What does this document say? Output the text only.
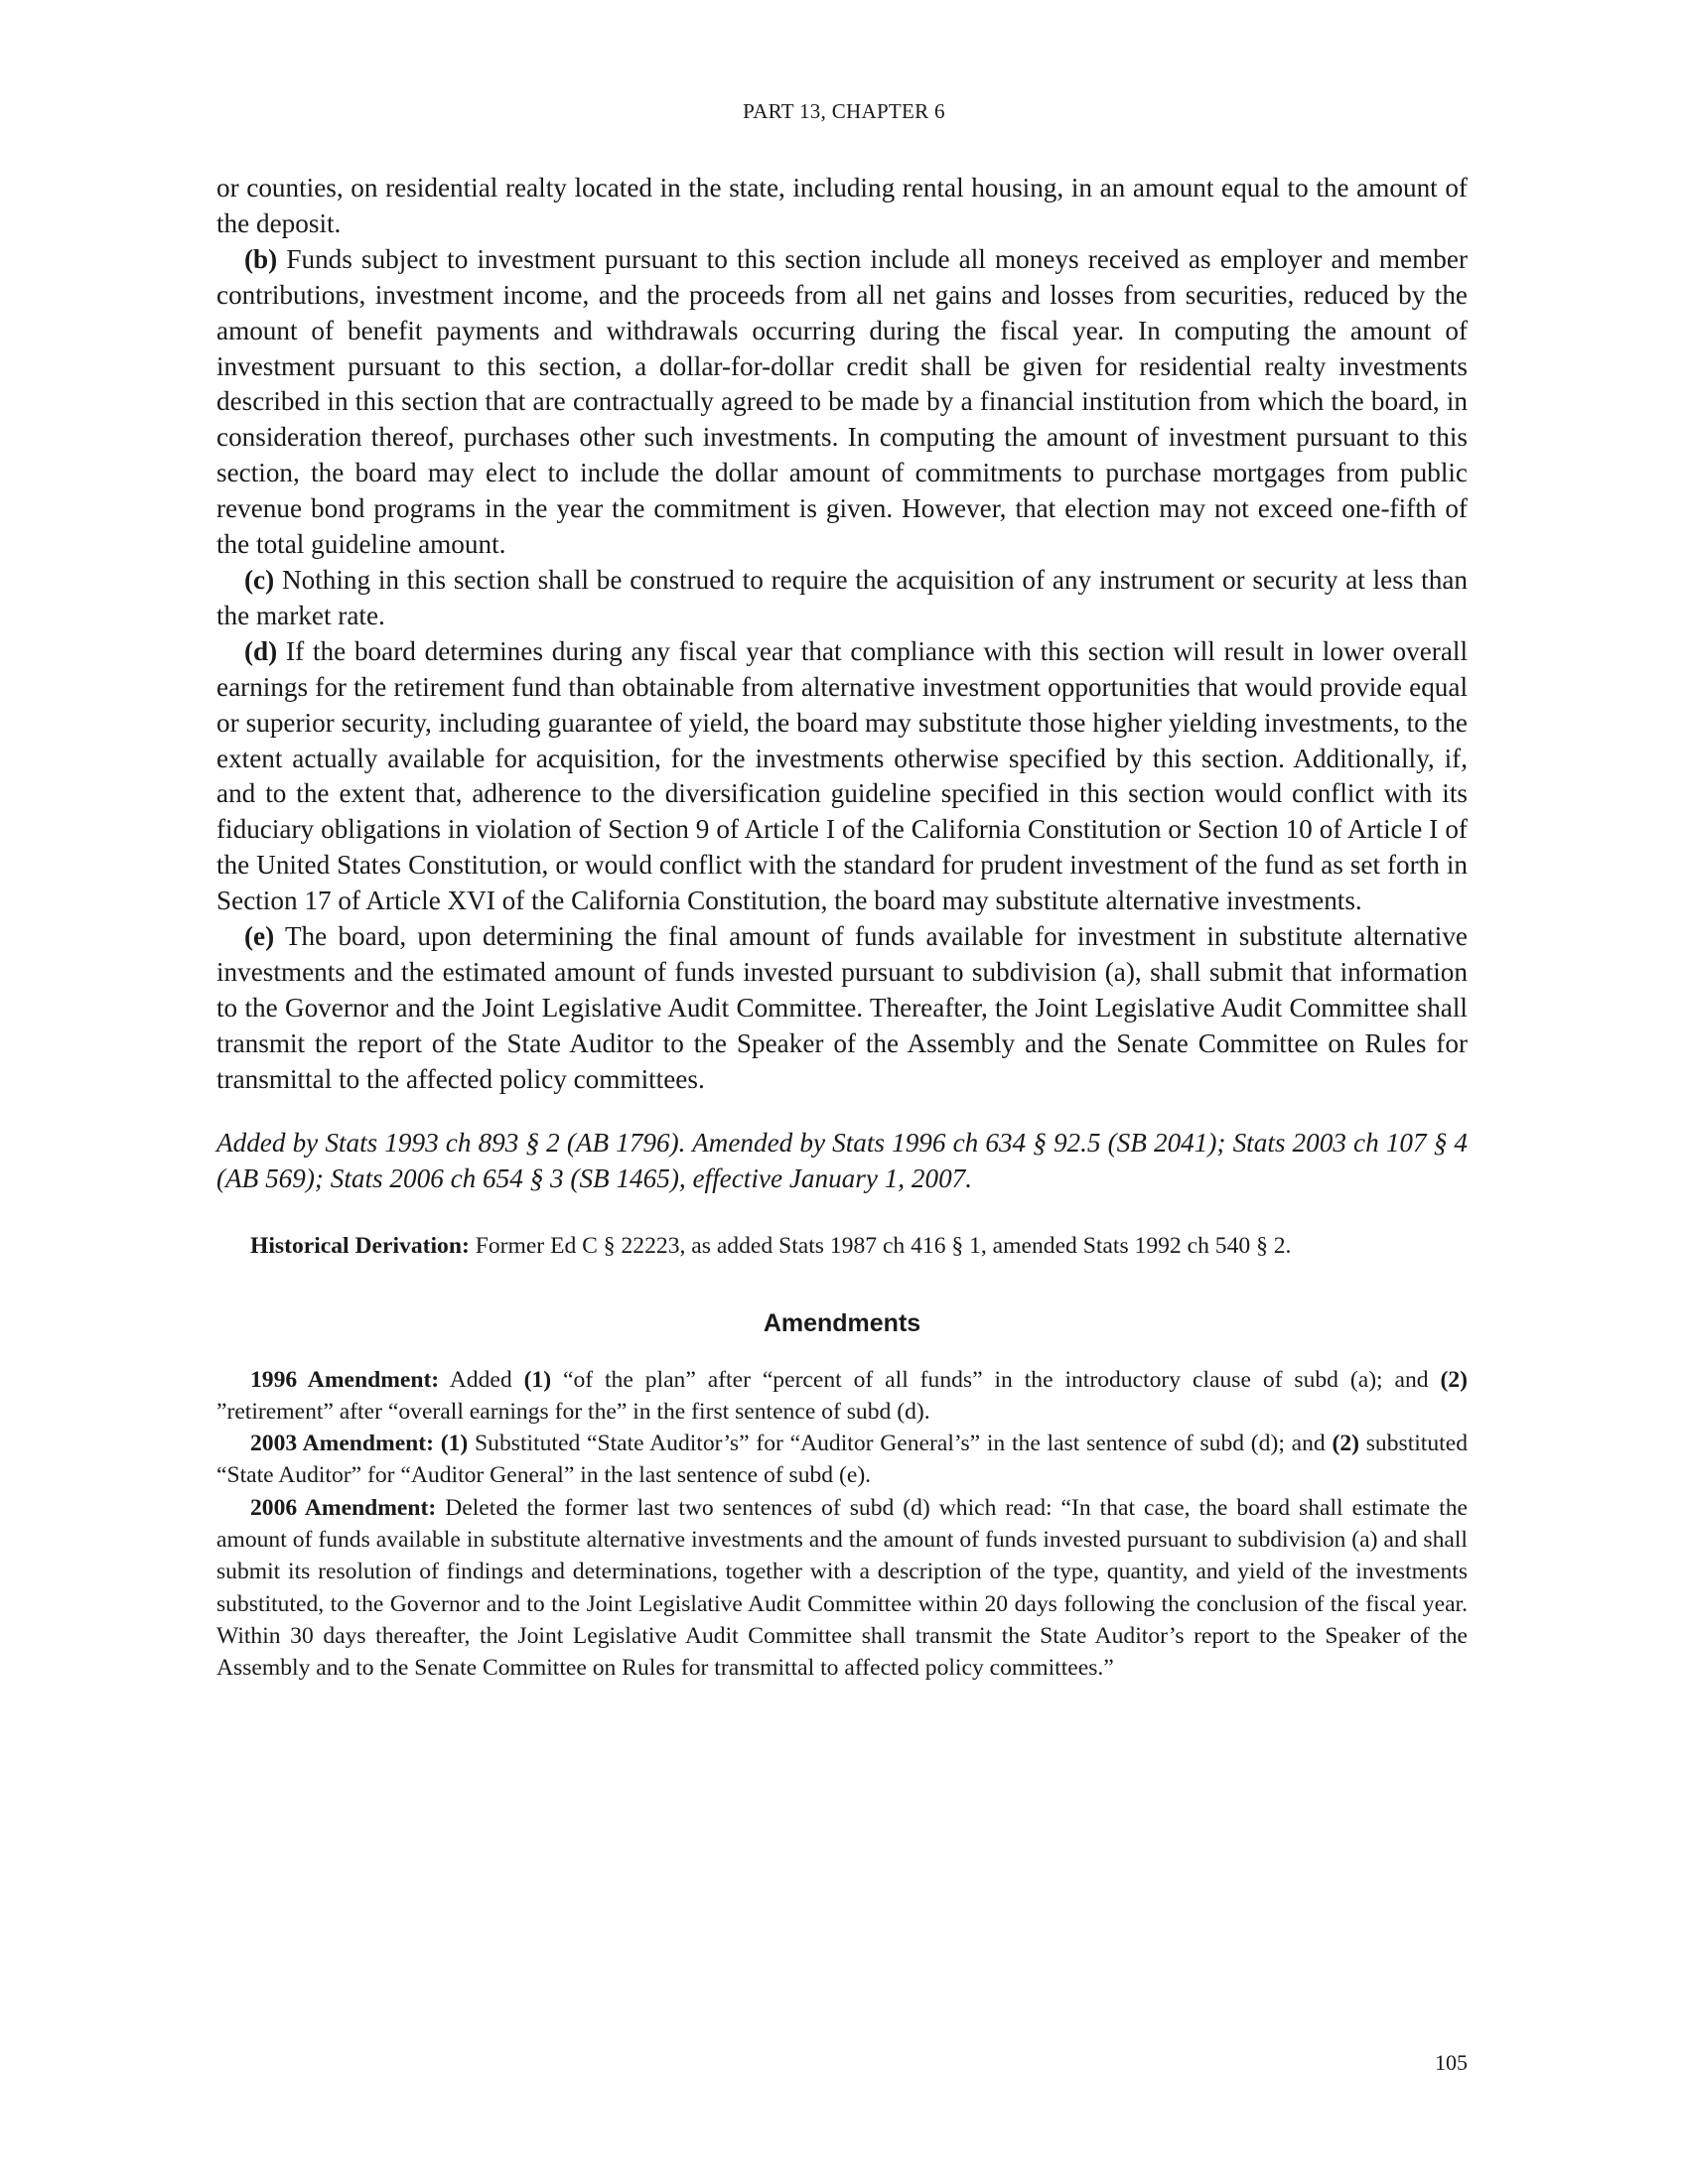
PART 13, CHAPTER 6

or counties, on residential realty located in the state, including rental housing, in an amount equal to the amount of the deposit.

(b) Funds subject to investment pursuant to this section include all moneys received as employer and member contributions, investment income, and the proceeds from all net gains and losses from securities, reduced by the amount of benefit payments and withdrawals occurring during the fiscal year. In computing the amount of investment pursuant to this section, a dollar-for-dollar credit shall be given for residential realty investments described in this section that are contractually agreed to be made by a financial institution from which the board, in consideration thereof, purchases other such investments. In computing the amount of investment pursuant to this section, the board may elect to include the dollar amount of commitments to purchase mortgages from public revenue bond programs in the year the commitment is given. However, that election may not exceed one-fifth of the total guideline amount.

(c) Nothing in this section shall be construed to require the acquisition of any instrument or security at less than the market rate.

(d) If the board determines during any fiscal year that compliance with this section will result in lower overall earnings for the retirement fund than obtainable from alternative investment opportunities that would provide equal or superior security, including guarantee of yield, the board may substitute those higher yielding investments, to the extent actually available for acquisition, for the investments otherwise specified by this section. Additionally, if, and to the extent that, adherence to the diversification guideline specified in this section would conflict with its fiduciary obligations in violation of Section 9 of Article I of the California Constitution or Section 10 of Article I of the United States Constitution, or would conflict with the standard for prudent investment of the fund as set forth in Section 17 of Article XVI of the California Constitution, the board may substitute alternative investments.

(e) The board, upon determining the final amount of funds available for investment in substitute alternative investments and the estimated amount of funds invested pursuant to subdivision (a), shall submit that information to the Governor and the Joint Legislative Audit Committee. Thereafter, the Joint Legislative Audit Committee shall transmit the report of the State Auditor to the Speaker of the Assembly and the Senate Committee on Rules for transmittal to the affected policy committees.

Added by Stats 1993 ch 893 § 2 (AB 1796). Amended by Stats 1996 ch 634 § 92.5 (SB 2041); Stats 2003 ch 107 § 4 (AB 569); Stats 2006 ch 654 § 3 (SB 1465), effective January 1, 2007.

Historical Derivation: Former Ed C § 22223, as added Stats 1987 ch 416 § 1, amended Stats 1992 ch 540 § 2.

Amendments

1996 Amendment: Added (1) “of the plan” after “percent of all funds” in the introductory clause of subd (a); and (2) ”retirement” after “overall earnings for the” in the first sentence of subd (d).

2003 Amendment: (1) Substituted “State Auditor’s” for “Auditor General’s” in the last sentence of subd (d); and (2) substituted “State Auditor” for “Auditor General” in the last sentence of subd (e).

2006 Amendment: Deleted the former last two sentences of subd (d) which read: “In that case, the board shall estimate the amount of funds available in substitute alternative investments and the amount of funds invested pursuant to subdivision (a) and shall submit its resolution of findings and determinations, together with a description of the type, quantity, and yield of the investments substituted, to the Governor and to the Joint Legislative Audit Committee within 20 days following the conclusion of the fiscal year. Within 30 days thereafter, the Joint Legislative Audit Committee shall transmit the State Auditor’s report to the Speaker of the Assembly and to the Senate Committee on Rules for transmittal to affected policy committees.”

105
